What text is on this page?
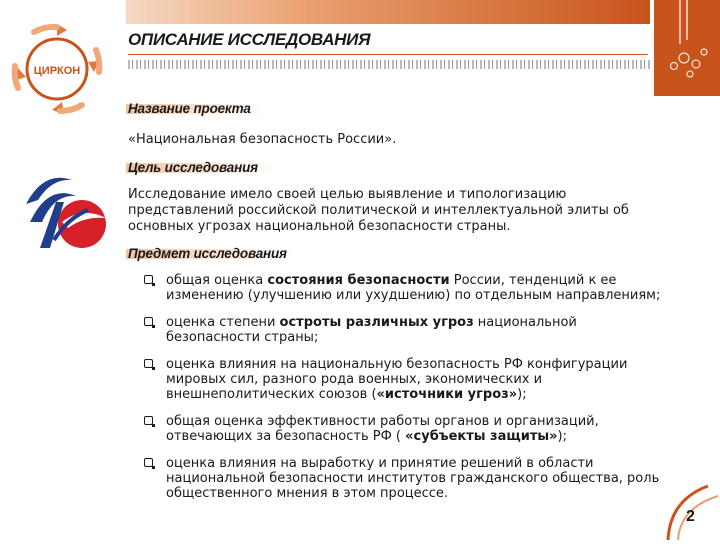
ЦИРКОН
ОПИСАНИЕ ИССЛЕДОВАНИЯ
Название проекта

«Национальная безопасность России».

Цель исследования
Исследование имело своей целью выявление и типологизацию
представлений российской политической и интеллектуальной элиты об
основных угрозах национальной безопасности страны.
Предмет исследования
общая оценка состояния безопасности России, тенденций к ее
изменению (улучшению или ухудшению) по отдельным направлениям;
оценка степени остроты различных угроз национальной
безопасности страны;
оценка влияния на национальную безопасность РФ конфигурации
мировых сил, разного рода военных, экономических и
внешнеполитических союзов («источники угроз»);
общая оценка эффективности работы органов и организаций,
отвечающих за безопасность РФ ( «субъекты защиты»);
оценка влияния на выработку и принятие решений в области
национальной безопасности институтов гражданского общества, роль
общественного мнения в этом процессе.
2
